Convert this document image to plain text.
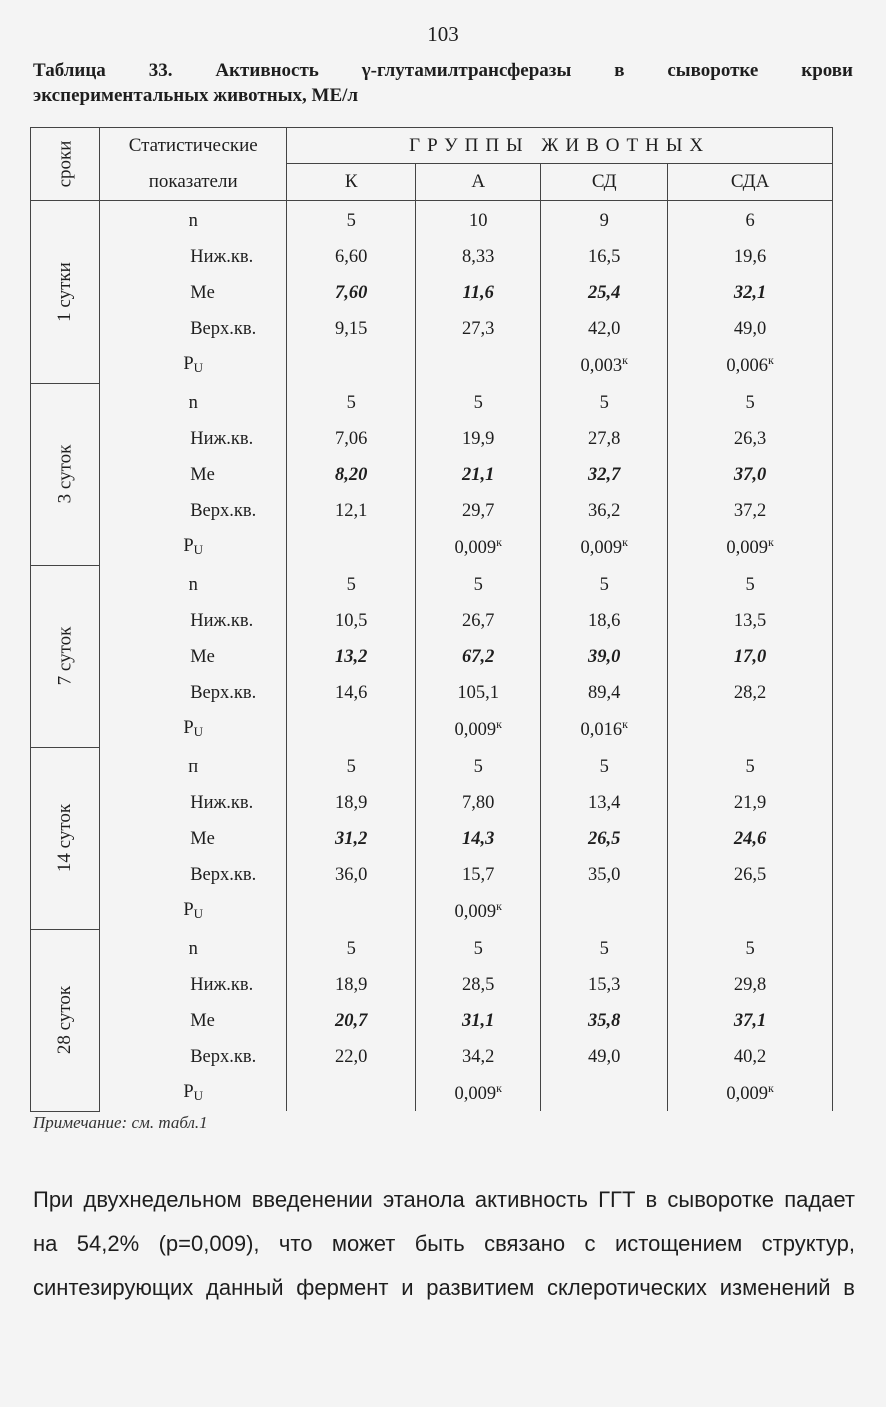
103
Таблица 33. Активность γ-глутамилтрансферазы в сыворотке крови
экспериментальных животных, МЕ/л
сроки	Статистические
показатели	ГРУППЫ ЖИВОТНЫХ			
		К	А	СД	СДА
1 сутки	n	5	10	9	6
	Ниж.кв.	6,60	8,33	16,5	19,6
	Me	7,60	11,6	25,4	32,1
	Верх.кв.	9,15	27,3	42,0	49,0
	$P_U$			$0,003^к$	$0,006^к$
3 суток	n	5	5	5	5
	Ниж.кв.	7,06	19,9	27,8	26,3
	Me	8,20	21,1	32,7	37,0
	Верх.кв.	12,1	29,7	36,2	37,2
	$P_U$		$0,009^к$	$0,009^к$	$0,009^к$
7 суток	n	5	5	5	5
	Ниж.кв.	10,5	26,7	18,6	13,5
	Me	13,2	67,2	39,0	17,0
	Верх.кв.	14,6	105,1	89,4	28,2
	$P_U$		$0,009^к$	$0,016^к$	
14 суток	п	5	5	5	5
	Ниж.кв.	18,9	7,80	13,4	21,9
	Me	31,2	14,3	26,5	24,6
	Верх.кв.	36,0	15,7	35,0	26,5
	$P_U$		$0,009^к$		
28 суток	n	5	5	5	5
	Ниж.кв.	18,9	28,5	15,3	29,8
	Me	20,7	31,1	35,8	37,1
	Верх.кв.	22,0	34,2	49,0	40,2
	$P_U$		$0,009^к$		$0,009^к$
Примечание: см. табл.1
При двухнедельном введенении этанола активность ГГТ в сыворотке падает
на 54,2% (p=0,009), что может быть связано с истощением структур,
синтезирующих данный фермент и развитием склеротических изменений в
